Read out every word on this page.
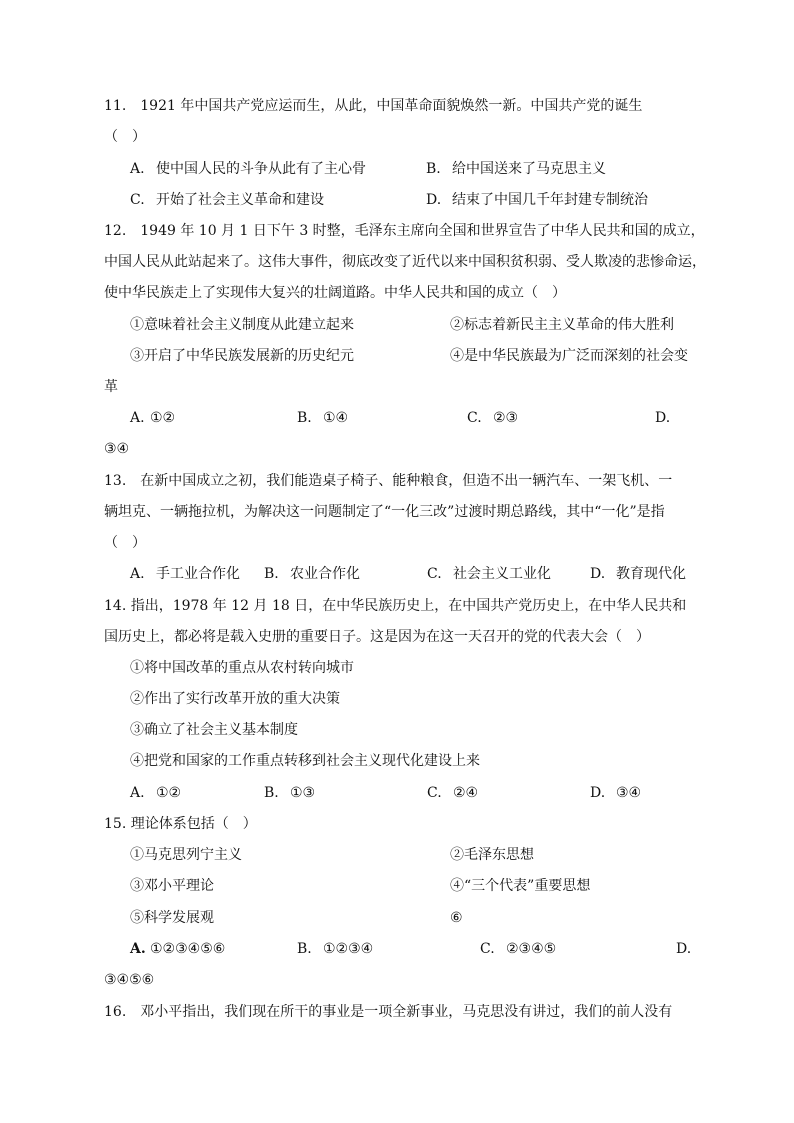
11.　1921 年中国共产党应运而生，从此，中国革命面貌焕然一新。中国共产党的诞生
（　）
A. 使中国人民的斗争从此有了主心骨	B. 给中国送来了马克思主义
C. 开始了社会主义革命和建设	D. 结束了中国几千年封建专制统治
12.　1949 年 10 月 1 日下午 3 时整，毛泽东主席向全国和世界宣告了中华人民共和国的成立，
中国人民从此站起来了。这伟大事件，彻底改变了近代以来中国积贫积弱、受人欺凌的悲惨命运，
使中华民族走上了实现伟大复兴的壮阔道路。中华人民共和国的成立（　）
①意味着社会主义制度从此建立起来	②标志着新民主主义革命的伟大胜利
③开启了中华民族发展新的历史纪元	④是中华民族最为广泛而深刻的社会变
革
A. ①②	B. ①④	C. ②③	D.
③④
13.　在新中国成立之初，我们能造桌子椅子、能种粮食，但造不出一辆汽车、一架飞机、一
辆坦克、一辆拖拉机，为解决这一问题制定了“一化三改”过渡时期总路线，其中“一化”是指
（　）
A. 手工业合作化 B. 农业合作化	C. 社会主义工业化	D. 教育现代化
14. 指出，1978 年 12 月 18 日，在中华民族历史上，在中国共产党历史上，在中华人民共和
国历史上，都必将是载入史册的重要日子。这是因为在这一天召开的党的代表大会（　）
①将中国改革的重点从农村转向城市
②作出了实行改革开放的重大决策
③确立了社会主义基本制度
④把党和国家的工作重点转移到社会主义现代化建设上来
A. ①②	B. ①③	C. ②④	D. ③④
15. 理论体系包括（　）
①马克思列宁主义	②毛泽东思想
③邓小平理论	④“三个代表”重要思想
⑤科学发展观	⑥
A. ①②③④⑤⑥	B. ①②③④	C. ②③④⑤	D.
③④⑤⑥
16.　邓小平指出，我们现在所干的事业是一项全新事业，马克思没有讲过，我们的前人没有
